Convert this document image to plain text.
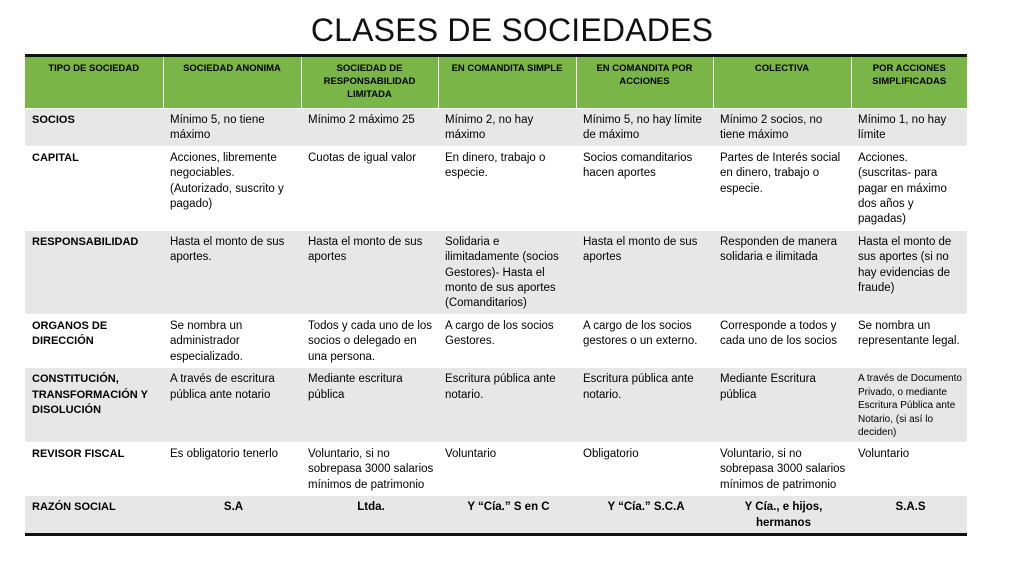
CLASES DE SOCIEDADES
TIPO DE SOCIEDAD	SOCIEDAD ANONIMA	SOCIEDAD DE RESPONSABILIDAD LIMITADA	EN COMANDITA SIMPLE	EN COMANDITA POR ACCIONES	COLECTIVA	POR ACCIONES SIMPLIFICADAS
SOCIOS	Mínimo 5, no tiene máximo	Mínimo 2 máximo 25	Mínimo 2, no hay máximo	Mínimo 5, no hay límite de máximo	Mínimo 2 socios, no tiene máximo	Mínimo 1, no hay límite
CAPITAL	Acciones, libremente negociables. (Autorizado, suscrito y pagado)	Cuotas de igual valor	En dinero, trabajo o especie.	Socios comanditarios hacen aportes	Partes de Interés social en dinero, trabajo o especie.	Acciones. (suscritas- para pagar en máximo dos años y pagadas)
RESPONSABILIDAD	Hasta el monto de sus aportes.	Hasta el monto de sus aportes	Solidaria e ilimitadamente (socios Gestores)- Hasta el monto de sus aportes (Comanditarios)	Hasta el monto de sus aportes	Responden de manera solidaria e ilimitada	Hasta el monto de sus aportes (si no hay evidencias de fraude)
ORGANOS DE DIRECCIÓN	Se nombra un administrador especializado.	Todos y cada uno de los socios o delegado en una persona.	A cargo de los socios Gestores.	A cargo de los socios gestores o un externo.	Corresponde a todos y cada uno de los socios	Se nombra un representante legal.
CONSTITUCIÓN, TRANSFORMACIÓN Y DISOLUCIÓN	A través de escritura pública ante notario	Mediante escritura pública	Escritura pública ante notario.	Escritura pública ante notario.	Mediante Escritura pública	A través de Documento Privado, o mediante Escritura Pública ante Notario, (si así lo deciden)
REVISOR FISCAL	Es obligatorio tenerlo	Voluntario, si no sobrepasa 3000 salarios mínimos de patrimonio	Voluntario	Obligatorio	Voluntario, si no sobrepasa 3000 salarios mínimos de patrimonio	Voluntario
RAZÓN SOCIAL	S.A	Ltda.	Y “Cía.” S en C	Y “Cía.” S.C.A	Y Cía., e hijos, hermanos	S.A.S
